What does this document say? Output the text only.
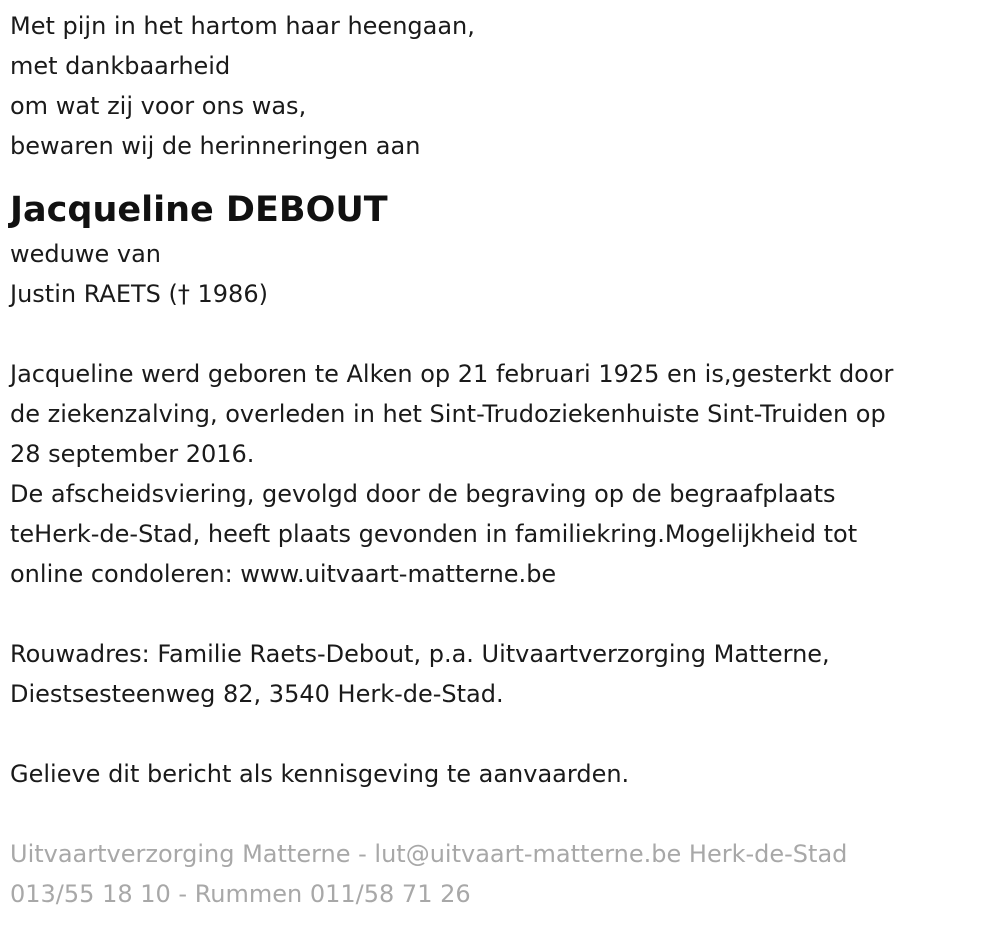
Met pijn in het hartom haar heengaan,

met dankbaarheid

om wat zij voor ons was,

bewaren wij de herinneringen aan

Jacqueline DEBOUT

weduwe van

Justin RAETS († 1986)

Jacqueline werd geboren te Alken op 21 februari 1925 en is,gesterkt door

de ziekenzalving, overleden in het Sint-Trudoziekenhuiste Sint-Truiden op

28 september 2016.

De afscheidsviering, gevolgd door de begraving op de begraafplaats

teHerk-de-Stad, heeft plaats gevonden in familiekring.Mogelijkheid tot

online condoleren: www.uitvaart-matterne.be

Rouwadres: Familie Raets-Debout, p.a. Uitvaartverzorging Matterne,

Diestsesteenweg 82, 3540 Herk-de-Stad.

Gelieve dit bericht als kennisgeving te aanvaarden.

Uitvaartverzorging Matterne - lut@uitvaart-matterne.be Herk-de-Stad

013/55 18 10 - Rummen 011/58 71 26
